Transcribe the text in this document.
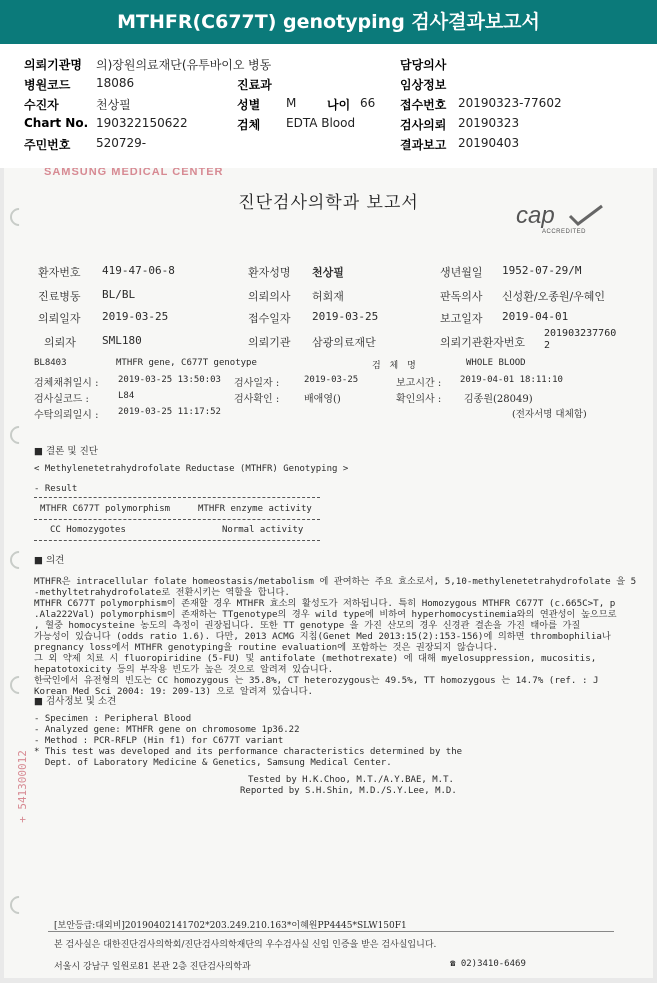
MTHFR(C677T) genotyping 검사결과보고서
의뢰기관명 의)장원의료재단(유투바이오 병동	담당의사
병원코드 18086	진료과	임상정보
수진자	천상필	성별 M	나이 66 접수번호 20190323-77602
Chart No. 190322150622	검체 EDTA Blood	검사의뢰 20190323
주민번호 520729-	결과보고 20190403
SAMSUNG MEDICAL CENTER
진단검사의학과 보고서	cap
ACCREDITED
환자번호 419-47-06-8	환자성명 천상필	생년월일 1952-07-29/M
진료병동 BL/BL	의뢰의사 허회재	판독의사 신성환/오종원/우혜인
의뢰일자 2019-03-25	접수일자 2019-03-25	보고일자 2019-04-01
의뢰자 SML180	의뢰기관 삼광의료재단	의뢰기관환자번호
201903237760
2
BL8403	MTHFR gene, C677T genotype	검 체 명	WHOLE BLOOD
검체채취일시 : 2019-03-25 13:50:03 검사일자 :	2019-03-25	보고시간 : 2019-04-01 18:11:10
검사실코드 :	L84	검사확인 : 배애영()	확인의사 : 김종원(28049)
수탁의뢰일시 : 2019-03-25 11:17:52	(전자서명 대체함)
■ 결론 및 진단
< Methylenetetrahydrofolate Reductase (MTHFR) Genotyping >
- Result
MTHFR C677T polymorphism	MTHFR enzyme activity
CC Homozygotes	Normal activity
■ 의견
MTHFR은 intracellular folate homeostasis/metabolism 에 관여하는 주요 효소로서, 5,10-methylenetetrahydrofolate 을 5
-methyltetrahydrofolate로 전환시키는 역할을 합니다.
MTHFR C677T polymorphism이 존재할 경우 MTHFR 효소의 활성도가 저하됩니다. 특히 Homozygous MTHFR C677T (c.665C>T, p
.Ala222Val) polymorphism이 존재하는 TTgenotype의 경우 wild type에 비하여 hyperhomocystinemia와의 연관성이 높으므로
, 혈중 homocysteine 농도의 측정이 권장됩니다. 또한 TT genotype 을 가진 산모의 경우 신경관 결손을 가진 태아를 가질
가능성이 있습니다 (odds ratio 1.6). 다만, 2013 ACMG 지침(Genet Med 2013:15(2):153-156)에 의하면 thrombophilia나
pregnancy loss에서 MTHFR genotyping을 routine evaluation에 포함하는 것은 권장되지 않습니다.
그 외 약제 치료 시 fluoropiridine (5-FU) 및 antifolate (methotrexate) 에 대해 myelosuppression, mucositis,
hepatotoxicity 등의 부작용 빈도가 높은 것으로 알려져 있습니다.
한국인에서 유전형의 빈도는 CC homozygous 는 35.8%, CT heterozygous는 49.5%, TT homozygous 는 14.7% (ref. : J
Korean Med Sci 2004: 19: 209-13) 으로 알려져 있습니다.
■ 검사정보 및 소견
- Specimen : Peripheral Blood
- Analyzed gene: MTHFR gene on chromosome 1p36.22
- Method : PCR-RFLP (Hin f1) for C677T variant
* This test was developed and its performance characteristics determined by the
Dept. of Laboratory Medicine & Genetics, Samsung Medical Center.
Tested by H.K.Choo, M.T./A.Y.BAE, M.T.
Reported by S.H.Shin, M.D./S.Y.Lee, M.D.
+ 541300012
[보안등급:대외비]20190402141702*203.249.210.163*이혜원PP4445*SLW150F1
본 검사실은 대한진단검사의학회/진단검사의학재단의 우수검사실 신임 인증을 받은 검사실입니다.
서울시 강남구 일원로81 본관 2층 진단검사의학과	☎ 02)3410-6469
